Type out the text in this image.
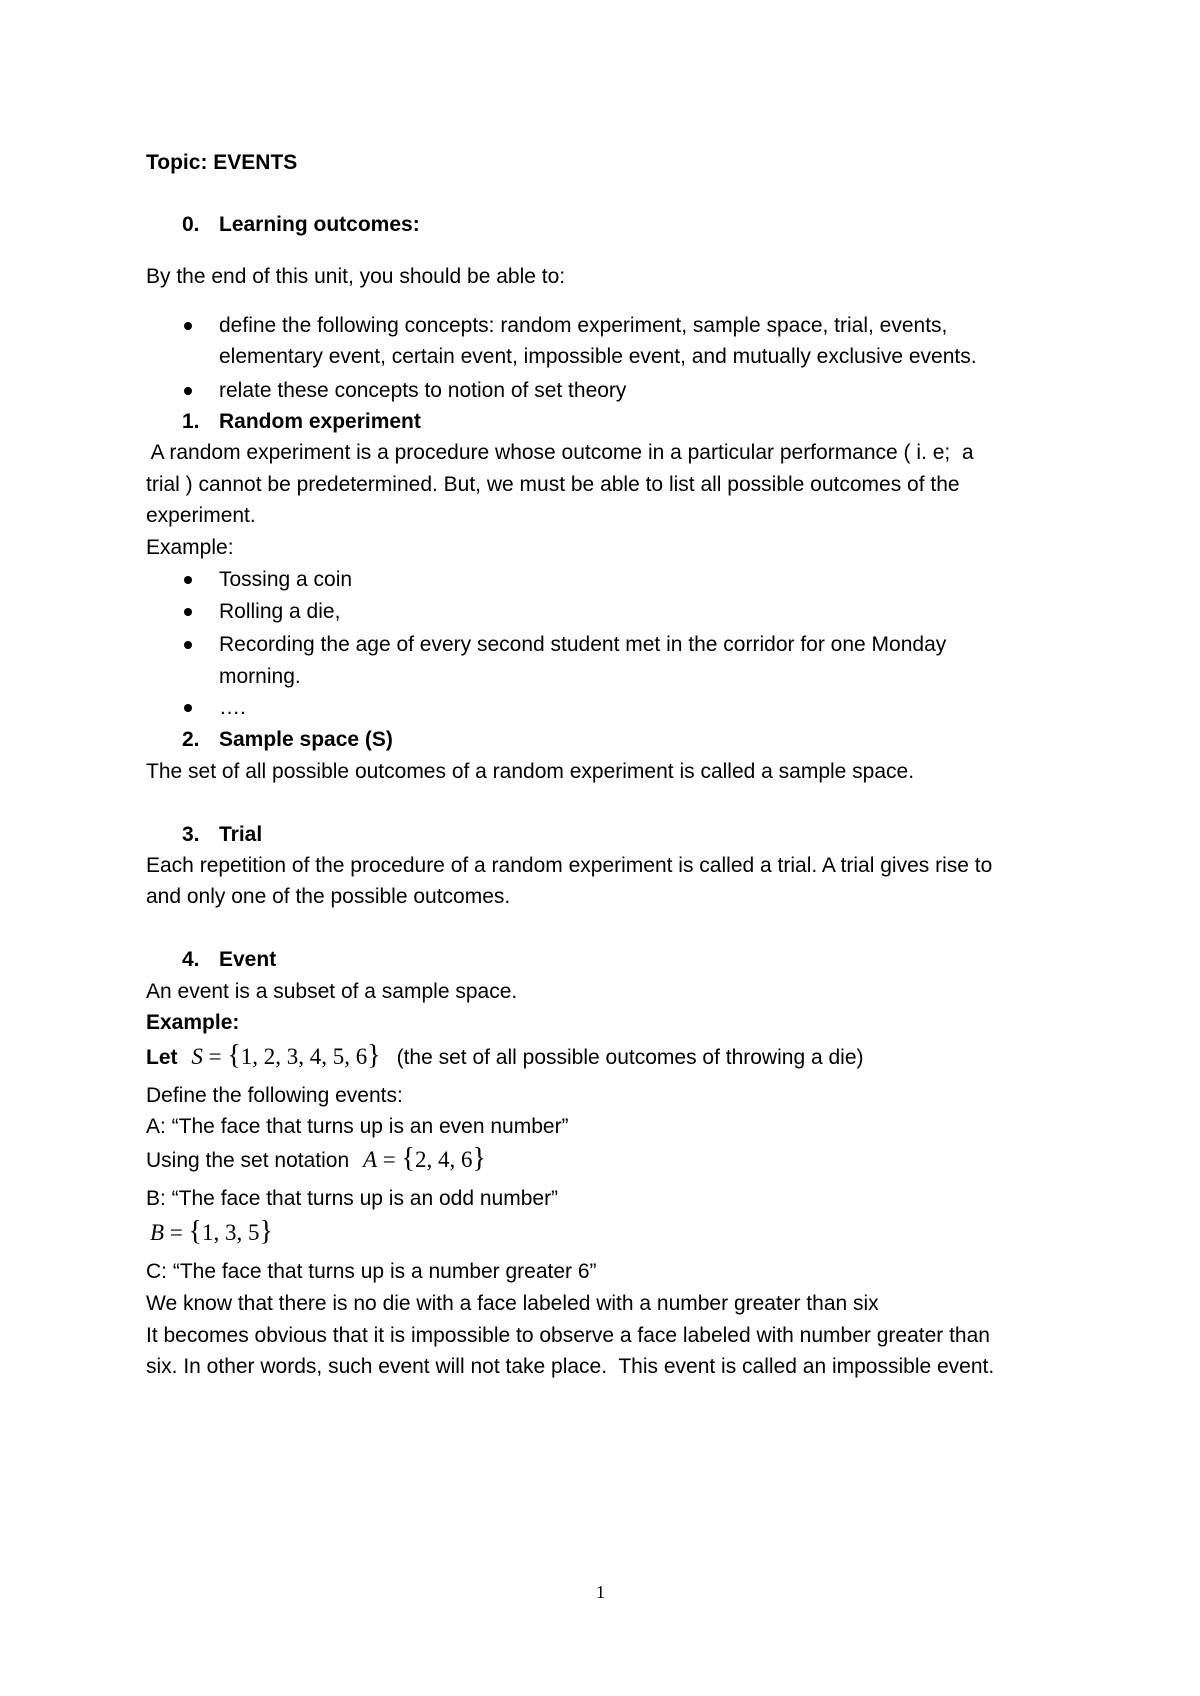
Topic: EVENTS
0. Learning outcomes:
By the end of this unit, you should be able to:
define the following concepts: random experiment, sample space, trial, events,
elementary event, certain event, impossible event, and mutually exclusive events.
relate these concepts to notion of set theory
1. Random experiment
A random experiment is a procedure whose outcome in a particular performance ( i. e;  a
trial ) cannot be predetermined. But, we must be able to list all possible outcomes of the
experiment.
Example:
Tossing a coin
Rolling a die,
Recording the age of every second student met in the corridor for one Monday
morning.
….
2. Sample space (S)
The set of all possible outcomes of a random experiment is called a sample space.
3. Trial
Each repetition of the procedure of a random experiment is called a trial. A trial gives rise to
and only one of the possible outcomes.
4. Event
An event is a subset of a sample space.
Example:
Let S = {1, 2, 3, 4, 5, 6} (the set of all possible outcomes of throwing a die)
Define the following events:
A: “The face that turns up is an even number”
Using the set notation A = {2, 4, 6}
B: “The face that turns up is an odd number”
B = {1, 3, 5}
C: “The face that turns up is a number greater 6”
We know that there is no die with a face labeled with a number greater than six
It becomes obvious that it is impossible to observe a face labeled with number greater than
six. In other words, such event will not take place.  This event is called an impossible event.
1
